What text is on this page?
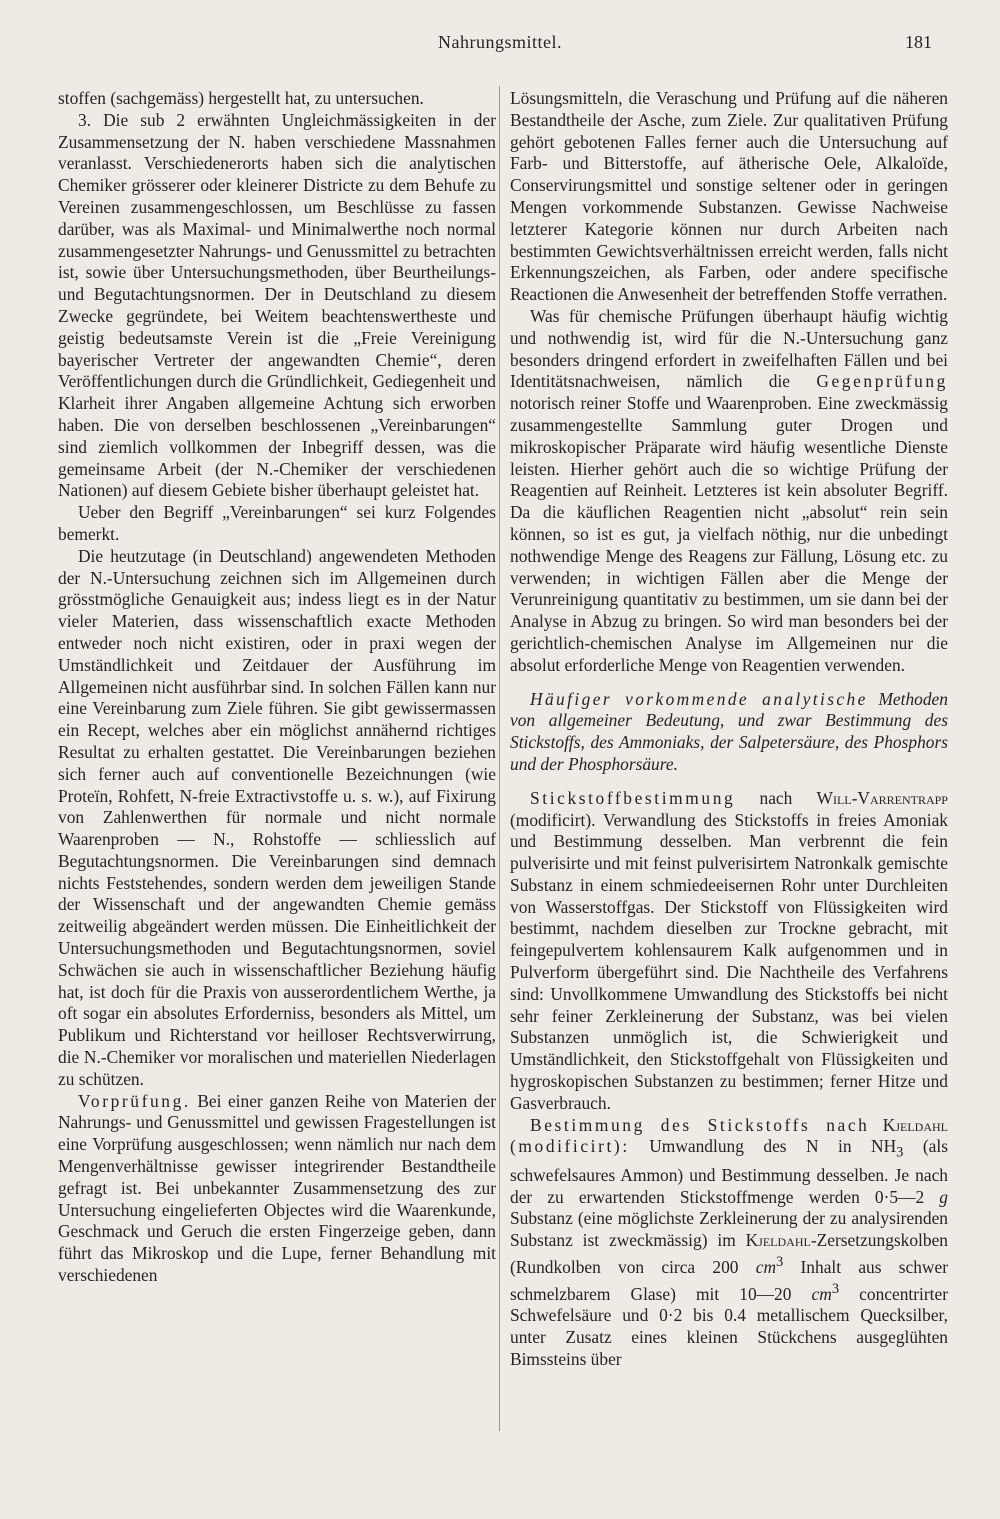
Nahrungsmittel.	181

stoffen (sachgemäss) hergestellt hat, zu untersuchen.

3. Die sub 2 erwähnten Ungleichmässigkeiten in der Zusammensetzung der N. haben verschiedene Massnahmen veranlasst. Verschiedenerorts haben sich die analytischen Chemiker grösserer oder kleinerer Districte zu dem Behufe zu Vereinen zusammengeschlossen, um Beschlüsse zu fassen darüber, was als Maximal- und Minimalwerthe noch normal zusammengesetzter Nahrungs- und Genussmittel zu betrachten ist, sowie über Untersuchungsmethoden, über Beurtheilungs- und Begutachtungsnormen. Der in Deutschland zu diesem Zwecke gegründete, bei Weitem beachtenswertheste und geistig bedeutsamste Verein ist die „Freie Vereinigung bayerischer Vertreter der angewandten Chemie“, deren Veröffentlichungen durch die Gründlichkeit, Gediegenheit und Klarheit ihrer Angaben allgemeine Achtung sich erworben haben. Die von derselben beschlossenen „Vereinbarungen“ sind ziemlich vollkommen der Inbegriff dessen, was die gemeinsame Arbeit (der N.-Chemiker der verschiedenen Nationen) auf diesem Gebiete bisher überhaupt geleistet hat.

Ueber den Begriff „Vereinbarungen“ sei kurz Folgendes bemerkt.

Die heutzutage (in Deutschland) angewendeten Methoden der N.-Untersuchung zeichnen sich im Allgemeinen durch grösstmögliche Genauigkeit aus; indess liegt es in der Natur vieler Materien, dass wissenschaftlich exacte Methoden entweder noch nicht existiren, oder in praxi wegen der Umständlichkeit und Zeitdauer der Ausführung im Allgemeinen nicht ausführbar sind. In solchen Fällen kann nur eine Vereinbarung zum Ziele führen. Sie gibt gewissermassen ein Recept, welches aber ein möglichst annähernd richtiges Resultat zu erhalten gestattet. Die Vereinbarungen beziehen sich ferner auch auf conventionelle Bezeichnungen (wie Proteïn, Rohfett, N-freie Extractivstoffe u. s. w.), auf Fixirung von Zahlenwerthen für normale und nicht normale Waarenproben — N., Rohstoffe — schliesslich auf Begutachtungsnormen. Die Vereinbarungen sind demnach nichts Feststehendes, sondern werden dem jeweiligen Stande der Wissenschaft und der angewandten Chemie gemäss zeitweilig abgeändert werden müssen. Die Einheitlichkeit der Untersuchungsmethoden und Begutachtungsnormen, soviel Schwächen sie auch in wissenschaftlicher Beziehung häufig hat, ist doch für die Praxis von ausserordentlichem Werthe, ja oft sogar ein absolutes Erforderniss, besonders als Mittel, um Publikum und Richterstand vor heilloser Rechtsverwirrung, die N.-Chemiker vor moralischen und materiellen Niederlagen zu schützen.

Vorprüfung. Bei einer ganzen Reihe von Materien der Nahrungs- und Genussmittel und gewissen Fragestellungen ist eine Vorprüfung ausgeschlossen; wenn nämlich nur nach dem Mengenverhältnisse gewisser integrirender Bestandtheile gefragt ist. Bei unbekannter Zusammensetzung des zur Untersuchung eingelieferten Objectes wird die Waarenkunde, Geschmack und Geruch die ersten Fingerzeige geben, dann führt das Mikroskop und die Lupe, ferner Behandlung mit verschiedenen

Lösungsmitteln, die Veraschung und Prüfung auf die näheren Bestandtheile der Asche, zum Ziele. Zur qualitativen Prüfung gehört gebotenen Falles ferner auch die Untersuchung auf Farb- und Bitterstoffe, auf ätherische Oele, Alkaloïde, Conservirungsmittel und sonstige seltener oder in geringen Mengen vorkommende Substanzen. Gewisse Nachweise letzterer Kategorie können nur durch Arbeiten nach bestimmten Gewichtsverhältnissen erreicht werden, falls nicht Erkennungszeichen, als Farben, oder andere specifische Reactionen die Anwesenheit der betreffenden Stoffe verrathen.

Was für chemische Prüfungen überhaupt häufig wichtig und nothwendig ist, wird für die N.-Untersuchung ganz besonders dringend erfordert in zweifelhaften Fällen und bei Identitätsnachweisen, nämlich die Gegenprüfung notorisch reiner Stoffe und Waarenproben. Eine zweckmässig zusammengestellte Sammlung guter Drogen und mikroskopischer Präparate wird häufig wesentliche Dienste leisten. Hierher gehört auch die so wichtige Prüfung der Reagentien auf Reinheit. Letzteres ist kein absoluter Begriff. Da die käuflichen Reagentien nicht „absolut“ rein sein können, so ist es gut, ja vielfach nöthig, nur die unbedingt nothwendige Menge des Reagens zur Fällung, Lösung etc. zu verwenden; in wichtigen Fällen aber die Menge der Verunreinigung quantitativ zu bestimmen, um sie dann bei der Analyse in Abzug zu bringen. So wird man besonders bei der gerichtlich-chemischen Analyse im Allgemeinen nur die absolut erforderliche Menge von Reagentien verwenden.

Häufiger vorkommende analytische Methoden von allgemeiner Bedeutung, und zwar Bestimmung des Stickstoffs, des Ammoniaks, der Salpetersäure, des Phosphors und der Phosphorsäure.

Stickstoffbestimmung nach Will-Varrentrapp (modificirt). Verwandlung des Stickstoffs in freies Amoniak und Bestimmung desselben. Man verbrennt die fein pulverisirte und mit feinst pulverisirtem Natronkalk gemischte Substanz in einem schmiedeeisernen Rohr unter Durchleiten von Wasserstoffgas. Der Stickstoff von Flüssigkeiten wird bestimmt, nachdem dieselben zur Trockne gebracht, mit feingepulvertem kohlensaurem Kalk aufgenommen und in Pulverform übergeführt sind. Die Nachtheile des Verfahrens sind: Unvollkommene Umwandlung des Stickstoffs bei nicht sehr feiner Zerkleinerung der Substanz, was bei vielen Substanzen unmöglich ist, die Schwierigkeit und Umständlichkeit, den Stickstoffgehalt von Flüssigkeiten und hygroskopischen Substanzen zu bestimmen; ferner Hitze und Gasverbrauch.

Bestimmung des Stickstoffs nach Kjeldahl (modificirt): Umwandlung des N in $NH_3$ (als schwefelsaures Ammon) und Bestimmung desselben. Je nach der zu erwartenden Stickstoffmenge werden 0·5—2 g Substanz (eine möglichste Zerkleinerung der zu analysirenden Substanz ist zweckmässig) im Kjeldahl-Zersetzungskolben (Rundkolben von circa 200 $cm^3$ Inhalt aus schwer schmelzbarem Glase) mit 10—20 $cm^3$ concentrirter Schwefelsäure und 0·2 bis 0.4 metallischem Quecksilber, unter Zusatz eines kleinen Stückchens ausgeglühten Bimssteins über
